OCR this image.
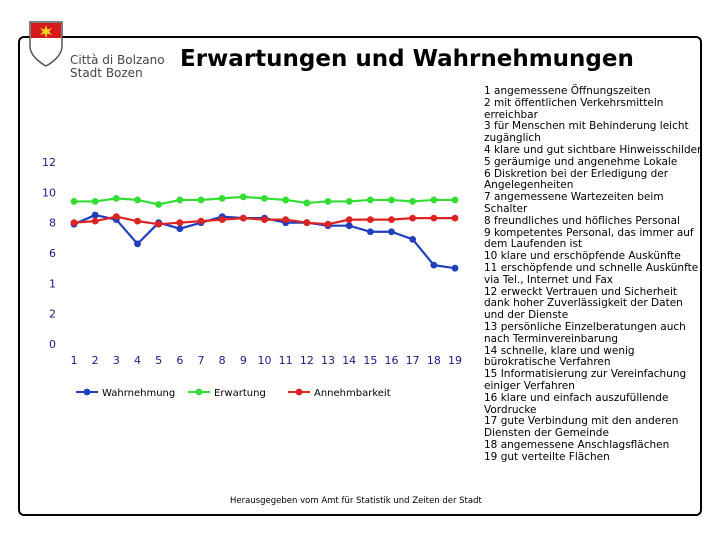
Città di Bolzano
Stadt Bozen
Erwartungen und Wahrnehmungen
0
2
1
6
8
10
12
1 2 3 4 5 6 7 8 9 10 11 12 13 14 15 16 17 18 19
Wahrnehmung	Erwartung	Annehmbarkeit
1 angemessene Öffnungszeiten
2 mit öffentlichen Verkehrsmitteln erreichbar
3 für Menschen mit Behinderung leicht zugänglich
4 klare und gut sichtbare Hinweisschilder
5 geräumige und angenehme Lokale
6 Diskretion bei der Erledigung der Angelegenheiten
7 angemessene Wartezeiten beim Schalter
8 freundliches und höfliches Personal
9 kompetentes Personal, das immer auf dem Laufenden ist
10 klare und erschöpfende Auskünfte
11 erschöpfende und schnelle Auskünfte via Tel., Internet und Fax
12 erweckt Vertrauen und Sicherheit dank hoher Zuverlässigkeit der Daten und der Dienste
13 persönliche Einzelberatungen auch nach Terminvereinbarung
14 schnelle, klare und wenig bürokratische Verfahren
15 Informatisierung zur Vereinfachung einiger Verfahren
16 klare und einfach auszufüllende Vordrucke
17 gute Verbindung mit den anderen Diensten der Gemeinde
18 angemessene Anschlagsflächen
19 gut verteilte Flächen
Herausgegeben vom Amt für Statistik und Zeiten der Stadt
